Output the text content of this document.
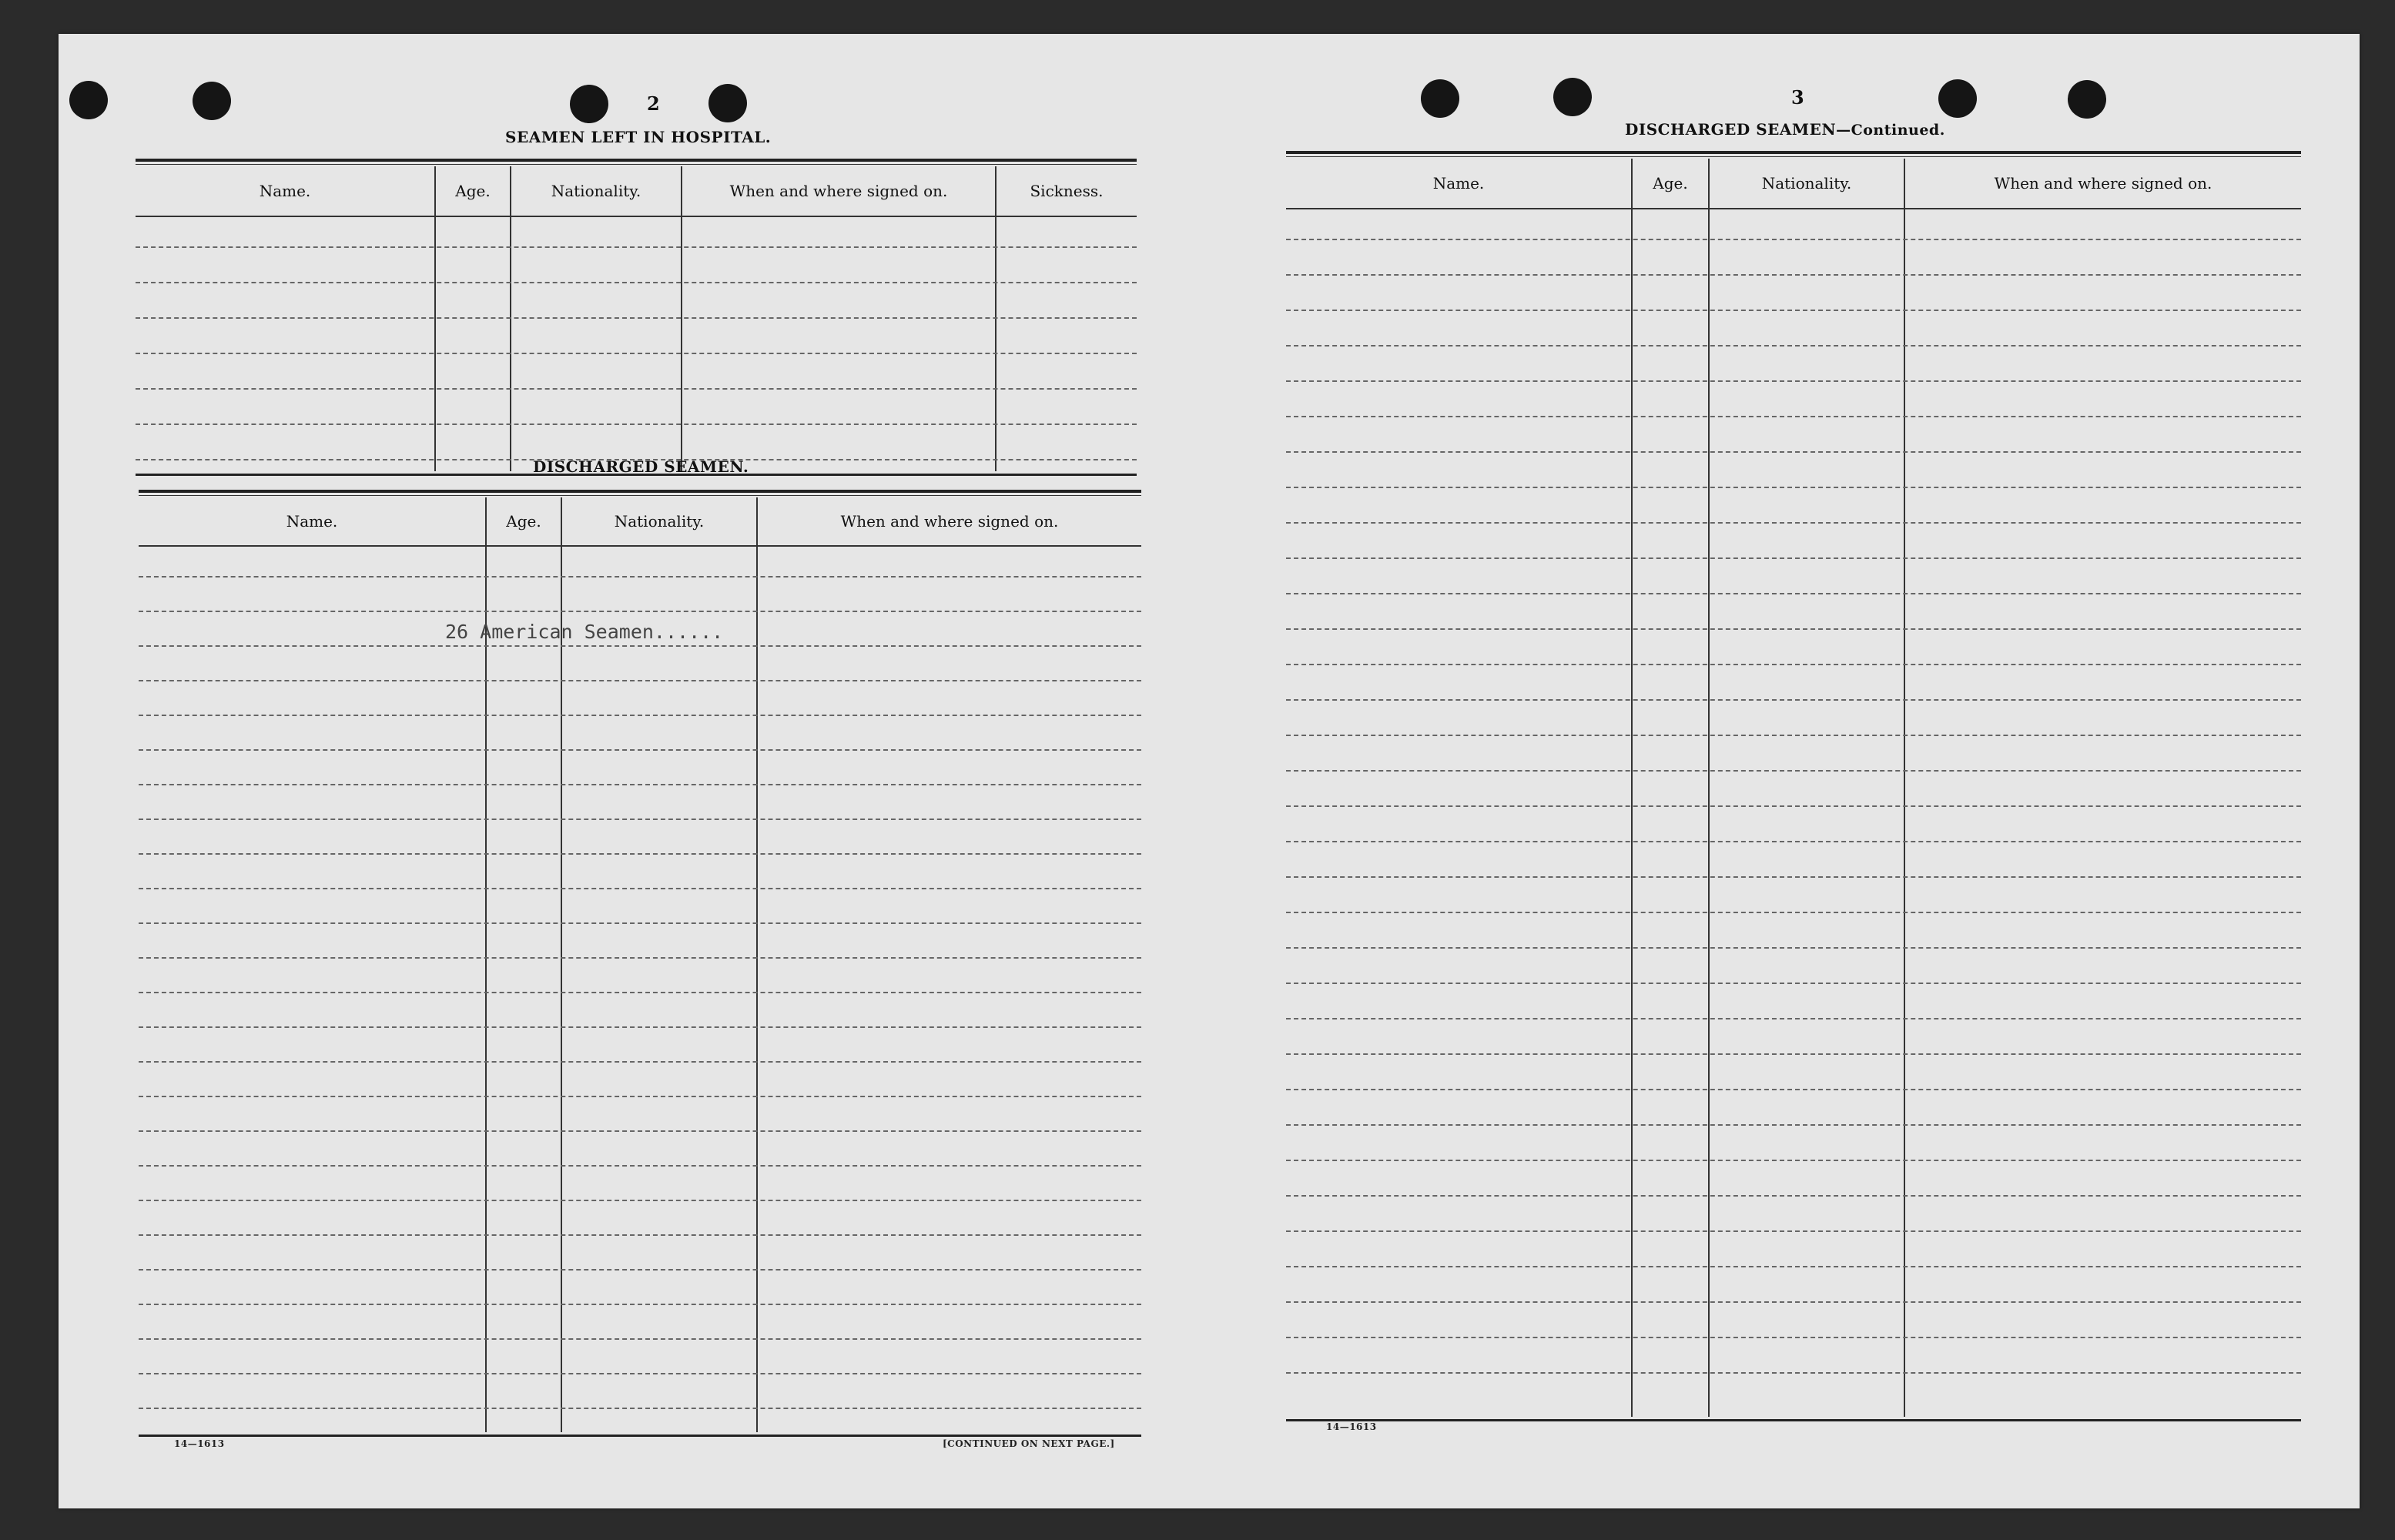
2
SEAMEN LEFT IN HOSPITAL.
Name.	Age.	Nationality.	When and where signed on.	Sickness.
DISCHARGED SEAMEN.
Name.	Age.	Nationality.	When and where signed on.
26 American Seamen......
14—1613	[CONTINUED ON NEXT PAGE.]
3
DISCHARGED SEAMEN—Continued.
Name.	Age.	Nationality.	When and where signed on.
14—1613
